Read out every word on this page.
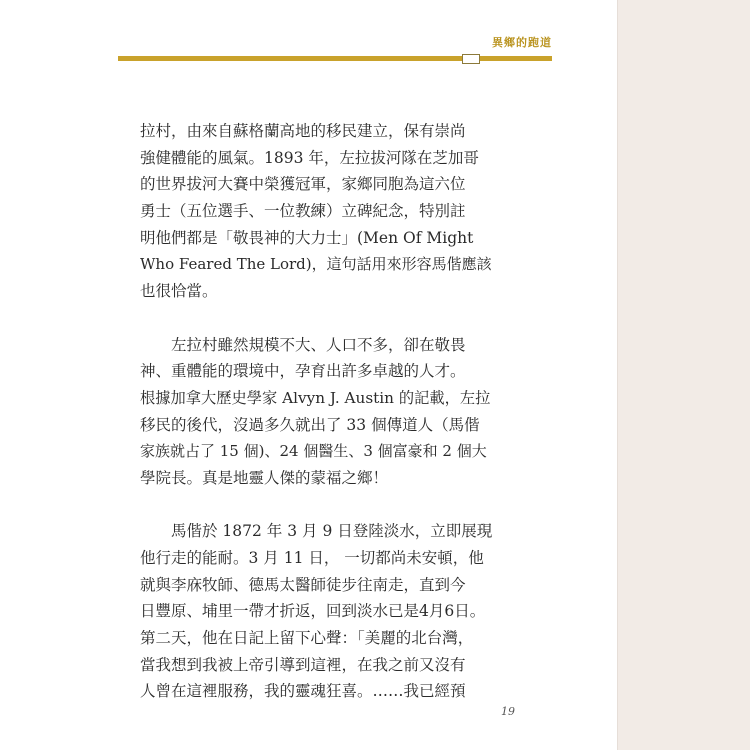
異鄉的跑道

拉村，由來自蘇格蘭高地的移民建立，保有崇尚
強健體能的風氣。1893 年，左拉拔河隊在芝加哥
的世界拔河大賽中榮獲冠軍，家鄉同胞為這六位
勇士（五位選手、一位教練）立碑紀念，特別註
明他們都是「敬畏神的大力士」(Men Of Might
Who Feared The Lord)，這句話用來形容馬偕應該
也很恰當。

　　左拉村雖然規模不大、人口不多，卻在敬畏
神、重體能的環境中，孕育出許多卓越的人才。
根據加拿大歷史學家 Alvyn J. Austin 的記載，左拉
移民的後代，沒過多久就出了 33 個傳道人（馬偕
家族就占了 15 個)、24 個醫生、3 個富豪和 2 個大
學院長。真是地靈人傑的蒙福之鄉！

　　馬偕於 1872 年 3 月 9 日登陸淡水，立即展現
他行走的能耐。3 月 11 日， 一切都尚未安頓，他
就與李庥牧師、德馬太醫師徒步往南走，直到今
日豐原、埔里一帶才折返，回到淡水已是4月6日。
第二天，他在日記上留下心聲：「美麗的北台灣，
當我想到我被上帝引導到這裡，在我之前又沒有
人曾在這裡服務，我的靈魂狂喜。……我已經預

19
